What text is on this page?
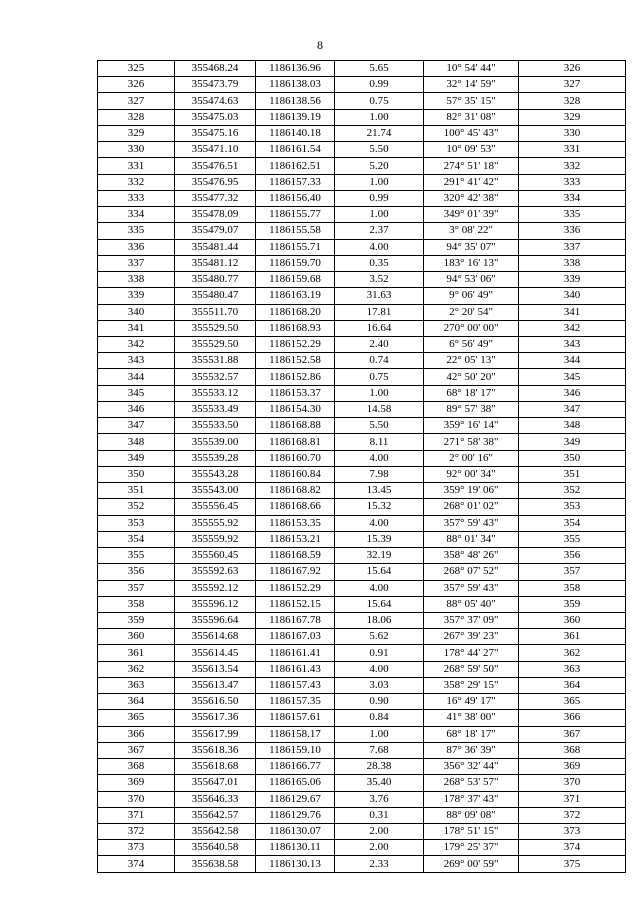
8
325	355468.24	1186136.96	5.65	10° 54' 44"	326
326	355473.79	1186138.03	0.99	32° 14' 59"	327
327	355474.63	1186138.56	0.75	57° 35' 15"	328
328	355475.03	1186139.19	1.00	82° 31' 08"	329
329	355475.16	1186140.18	21.74	100° 45' 43"	330
330	355471.10	1186161.54	5.50	10° 09' 53"	331
331	355476.51	1186162.51	5.20	274° 51' 18"	332
332	355476.95	1186157.33	1.00	291° 41' 42"	333
333	355477.32	1186156.40	0.99	320° 42' 38"	334
334	355478.09	1186155.77	1.00	349° 01' 39"	335
335	355479.07	1186155.58	2.37	3° 08' 22"	336
336	355481.44	1186155.71	4.00	94° 35' 07"	337
337	355481.12	1186159.70	0.35	183° 16' 13"	338
338	355480.77	1186159.68	3.52	94° 53' 06"	339
339	355480.47	1186163.19	31.63	9° 06' 49"	340
340	355511.70	1186168.20	17.81	2° 20' 54"	341
341	355529.50	1186168.93	16.64	270° 00' 00"	342
342	355529.50	1186152.29	2.40	6° 56' 49"	343
343	355531.88	1186152.58	0.74	22° 05' 13"	344
344	355532.57	1186152.86	0.75	42° 50' 20"	345
345	355533.12	1186153.37	1.00	68° 18' 17"	346
346	355533.49	1186154.30	14.58	89° 57' 38"	347
347	355533.50	1186168.88	5.50	359° 16' 14"	348
348	355539.00	1186168.81	8.11	271° 58' 38"	349
349	355539.28	1186160.70	4.00	2° 00' 16"	350
350	355543.28	1186160.84	7.98	92° 00' 34"	351
351	355543.00	1186168.82	13.45	359° 19' 06"	352
352	355556.45	1186168.66	15.32	268° 01' 02"	353
353	355555.92	1186153.35	4.00	357° 59' 43"	354
354	355559.92	1186153.21	15.39	88° 01' 34"	355
355	355560.45	1186168.59	32.19	358° 48' 26"	356
356	355592.63	1186167.92	15.64	268° 07' 52"	357
357	355592.12	1186152.29	4.00	357° 59' 43"	358
358	355596.12	1186152.15	15.64	88° 05' 40"	359
359	355596.64	1186167.78	18.06	357° 37' 09"	360
360	355614.68	1186167.03	5.62	267° 39' 23"	361
361	355614.45	1186161.41	0.91	178° 44' 27"	362
362	355613.54	1186161.43	4.00	268° 59' 50"	363
363	355613.47	1186157.43	3.03	358° 29' 15"	364
364	355616.50	1186157.35	0.90	16° 49' 17"	365
365	355617.36	1186157.61	0.84	41° 38' 00"	366
366	355617.99	1186158.17	1.00	68° 18' 17"	367
367	355618.36	1186159.10	7.68	87° 36' 39"	368
368	355618.68	1186166.77	28.38	356° 32' 44"	369
369	355647.01	1186165.06	35.40	268° 53' 57"	370
370	355646.33	1186129.67	3.76	178° 37' 43"	371
371	355642.57	1186129.76	0.31	88° 09' 08"	372
372	355642.58	1186130.07	2.00	178° 51' 15"	373
373	355640.58	1186130.11	2.00	179° 25' 37"	374
374	355638.58	1186130.13	2.33	269° 00' 59"	375
